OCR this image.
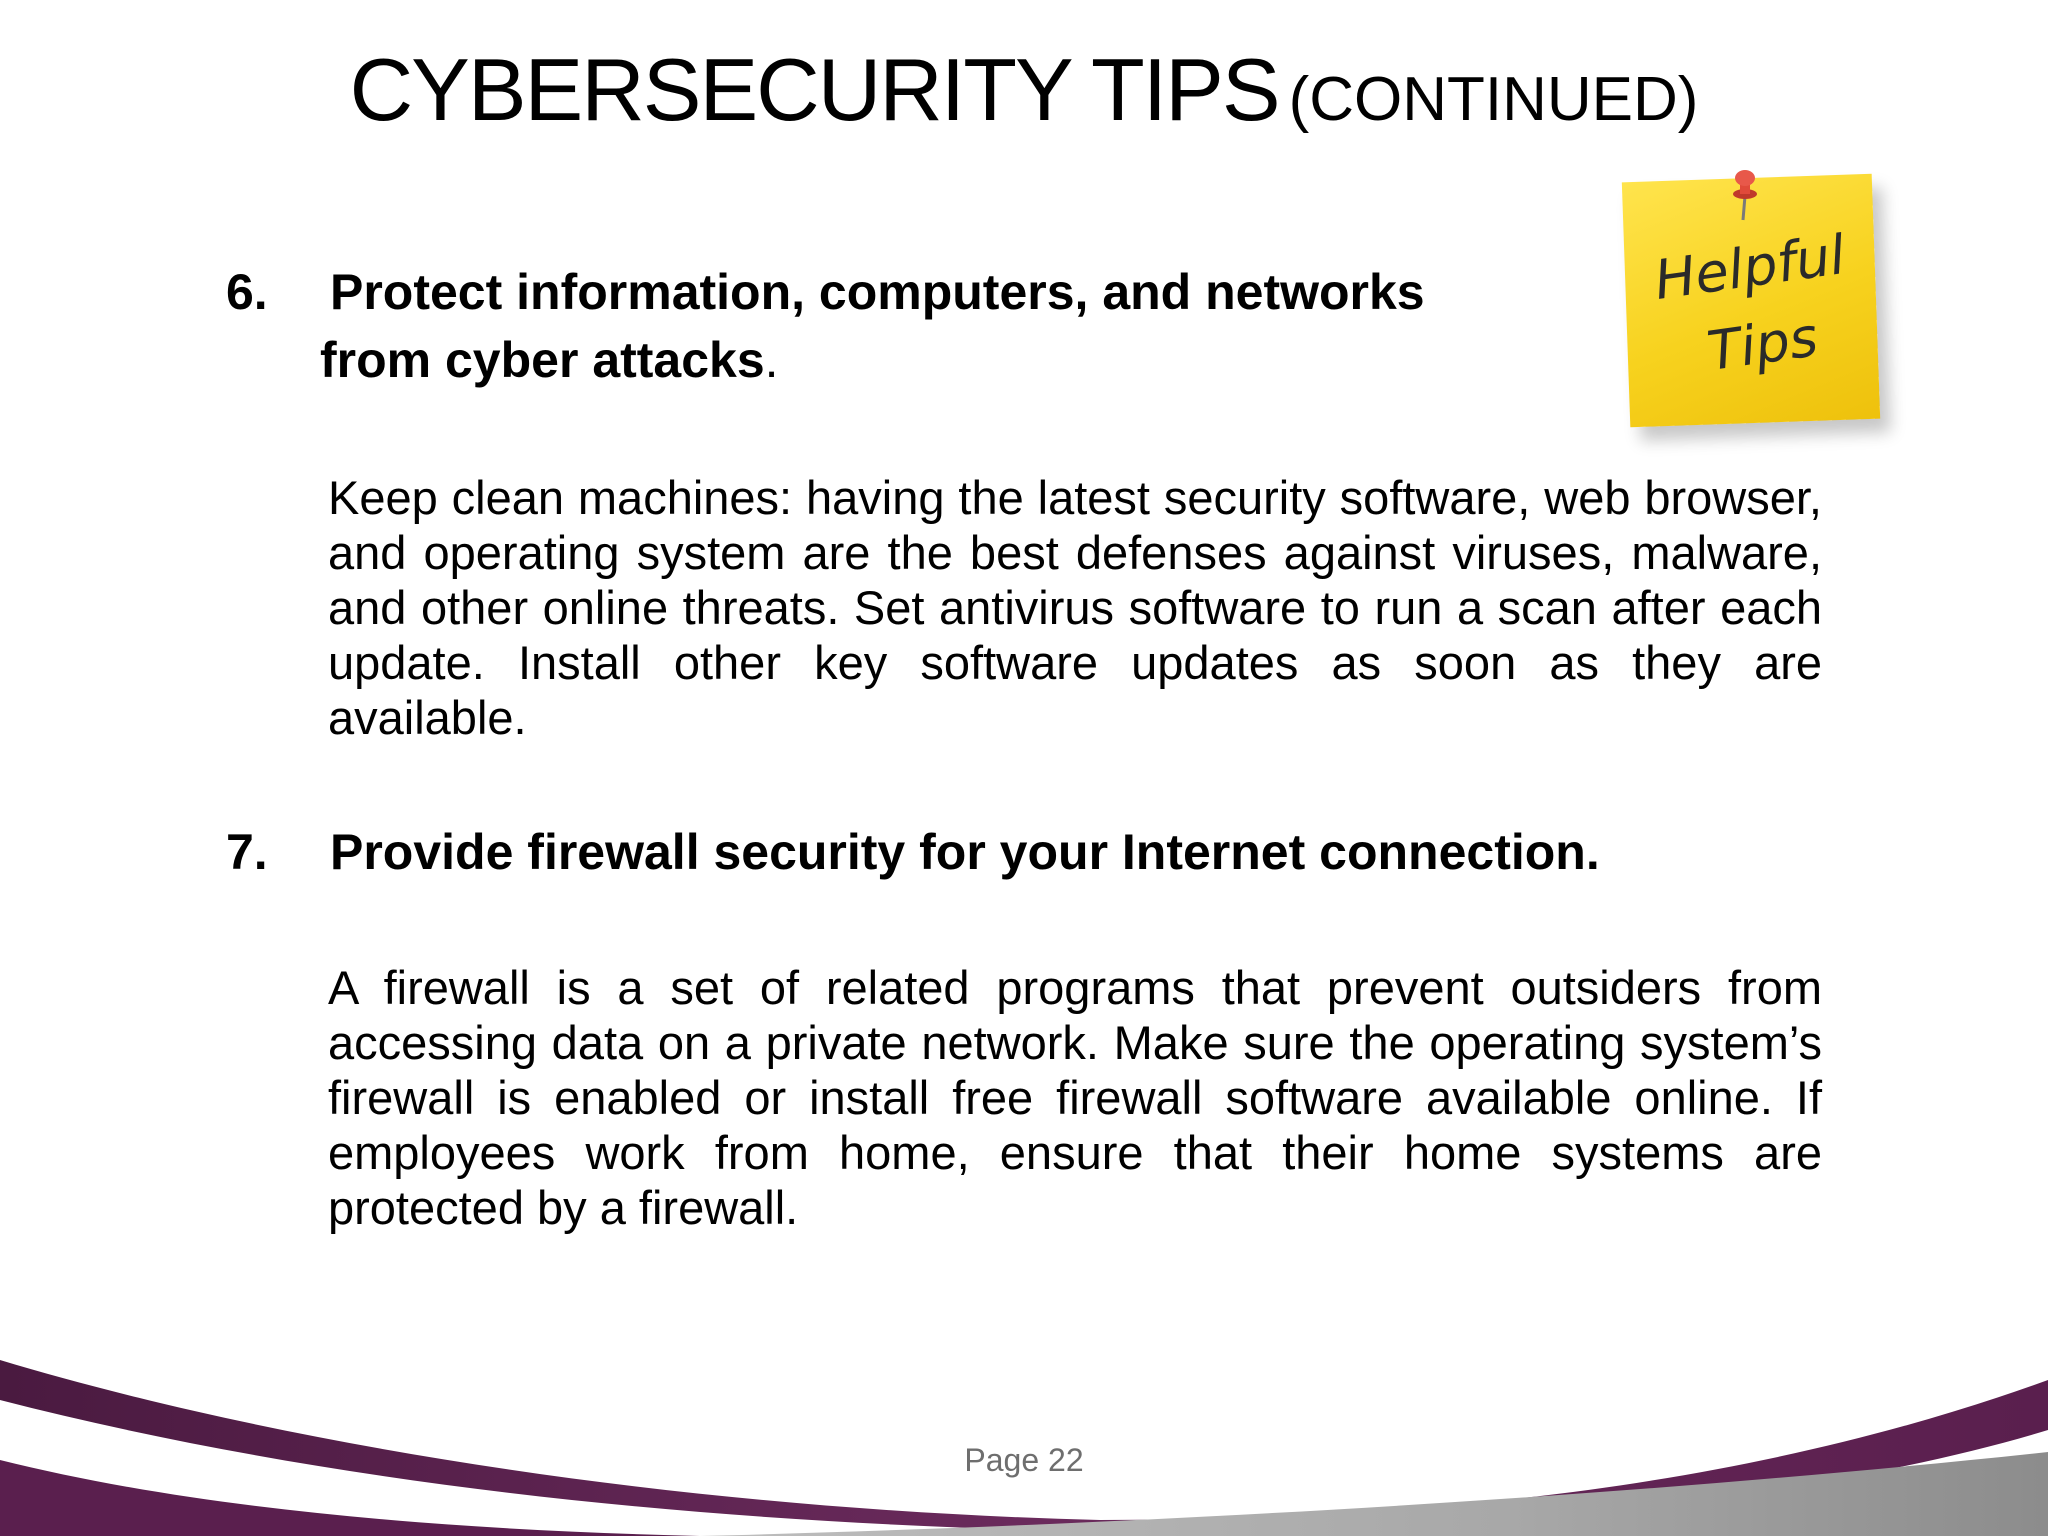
CYBERSECURITY TIPS (CONTINUED)
Helpful
Tips
6. Protect information, computers, and networks
from cyber attacks.
Keep clean machines: having the latest security software, web browser, and operating system are the best defenses against viruses, malware, and other online threats. Set antivirus software to run a scan after each update. Install other key software updates as soon as they are available.
7. Provide firewall security for your Internet connection.
A firewall is a set of related programs that prevent outsiders from accessing data on a private network. Make sure the operating system’s firewall is enabled or install free firewall software available online. If employees work from home, ensure that their home systems are protected by a firewall.
Page 22
